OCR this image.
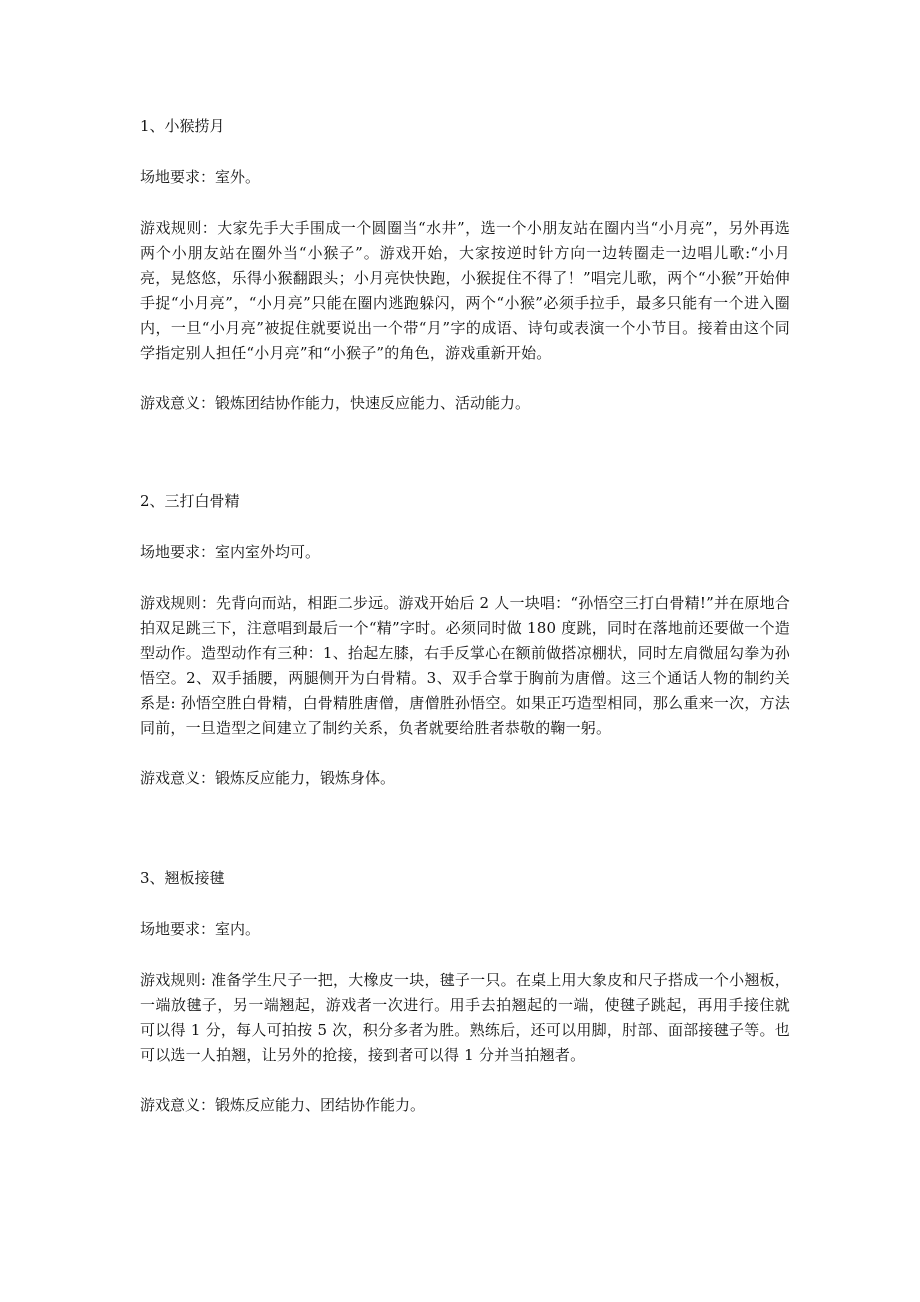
1、小猴捞月

场地要求：室外。

游戏规则：大家先手大手围成一个圆圈当“水井”，选一个小朋友站在圈内当“小月亮”，另外再选两个小朋友站在圈外当“小猴子”。游戏开始，大家按逆时针方向一边转圈走一边唱儿歌:“小月亮，晃悠悠，乐得小猴翻跟头；小月亮快快跑，小猴捉住不得了！”唱完儿歌，两个“小猴”开始伸手捉“小月亮”，“小月亮”只能在圈内逃跑躲闪，两个“小猴”必须手拉手，最多只能有一个进入圈内，一旦“小月亮”被捉住就要说出一个带“月”字的成语、诗句或表演一个小节目。接着由这个同学指定别人担任“小月亮”和“小猴子”的角色，游戏重新开始。

游戏意义：锻炼团结协作能力，快速反应能力、活动能力。

2、三打白骨精

场地要求：室内室外均可。

游戏规则：先背向而站，相距二步远。游戏开始后 2 人一块唱：“孙悟空三打白骨精!”并在原地合拍双足跳三下，注意唱到最后一个“精”字时。必须同时做 180 度跳，同时在落地前还要做一个造型动作。造型动作有三种：1、抬起左膝，右手反掌心在额前做搭凉棚状，同时左肩微屈勾拳为孙悟空。2、双手插腰，两腿侧开为白骨精。3、双手合掌于胸前为唐僧。这三个通话人物的制约关系是: 孙悟空胜白骨精，白骨精胜唐僧，唐僧胜孙悟空。如果正巧造型相同，那么重来一次，方法同前，一旦造型之间建立了制约关系，负者就要给胜者恭敬的鞠一躬。

游戏意义：锻炼反应能力，锻炼身体。

3、翘板接毽

场地要求：室内。

游戏规则: 准备学生尺子一把，大橡皮一块，毽子一只。在桌上用大象皮和尺子搭成一个小翘板，一端放毽子，另一端翘起，游戏者一次进行。用手去拍翘起的一端，使毽子跳起，再用手接住就可以得 1 分，每人可拍按 5 次，积分多者为胜。熟练后，还可以用脚，肘部、面部接毽子等。也可以选一人拍翘，让另外的抢接，接到者可以得 1 分并当拍翘者。

游戏意义：锻炼反应能力、团结协作能力。
